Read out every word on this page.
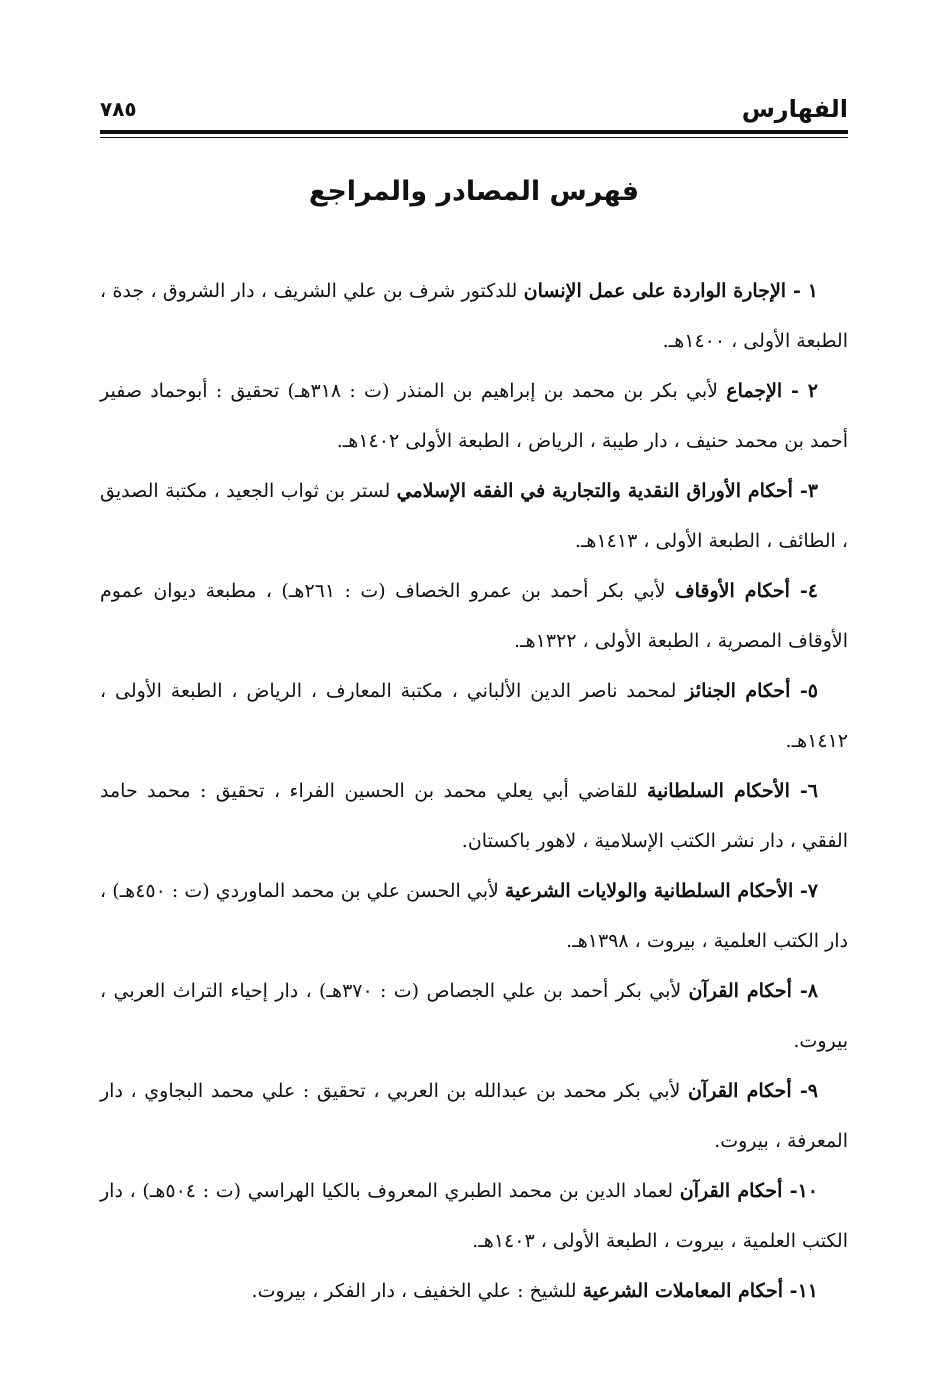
الفهارس
٧٨٥
فهرس المصادر والمراجع
١ - الإجارة الواردة على عمل الإنسان للدكتور شرف بن علي الشريف ، دار الشروق ، جدة ، الطبعة الأولى ، ١٤٠٠هـ.
٢ - الإجماع لأبي بكر بن محمد بن إبراهيم بن المنذر (ت : ٣١٨هـ) تحقيق : أبوحماد صفير أحمد بن محمد حنيف ، دار طيبة ، الرياض ، الطبعة الأولى ١٤٠٢هـ.
٣- أحكام الأوراق النقدية والتجارية في الفقه الإسلامي لستر بن ثواب الجعيد ، مكتبة الصديق ، الطائف ، الطبعة الأولى ، ١٤١٣هـ.
٤- أحكام الأوقاف لأبي بكر أحمد بن عمرو الخصاف (ت : ٢٦١هـ) ، مطبعة ديوان عموم الأوقاف المصرية ، الطبعة الأولى ، ١٣٢٢هـ.
٥- أحكام الجنائز لمحمد ناصر الدين الألباني ، مكتبة المعارف ، الرياض ، الطبعة الأولى ، ١٤١٢هـ.
٦- الأحكام السلطانية للقاضي أبي يعلي محمد بن الحسين الفراء ، تحقيق : محمد حامد الفقي ، دار نشر الكتب الإسلامية ، لاهور باكستان.
٧- الأحكام السلطانية والولايات الشرعية لأبي الحسن علي بن محمد الماوردي (ت : ٤٥٠هـ) ، دار الكتب العلمية ، بيروت ، ١٣٩٨هـ.
٨- أحكام القرآن لأبي بكر أحمد بن علي الجصاص (ت : ٣٧٠هـ) ، دار إحياء التراث العربي ، بيروت.
٩- أحكام القرآن لأبي بكر محمد بن عبدالله بن العربي ، تحقيق : علي محمد البجاوي ، دار المعرفة ، بيروت.
١٠- أحكام القرآن لعماد الدين بن محمد الطبري المعروف بالكيا الهراسي (ت : ٥٠٤هـ) ، دار الكتب العلمية ، بيروت ، الطبعة الأولى ، ١٤٠٣هـ.
١١- أحكام المعاملات الشرعية للشيخ : علي الخفيف ، دار الفكر ، بيروت.
